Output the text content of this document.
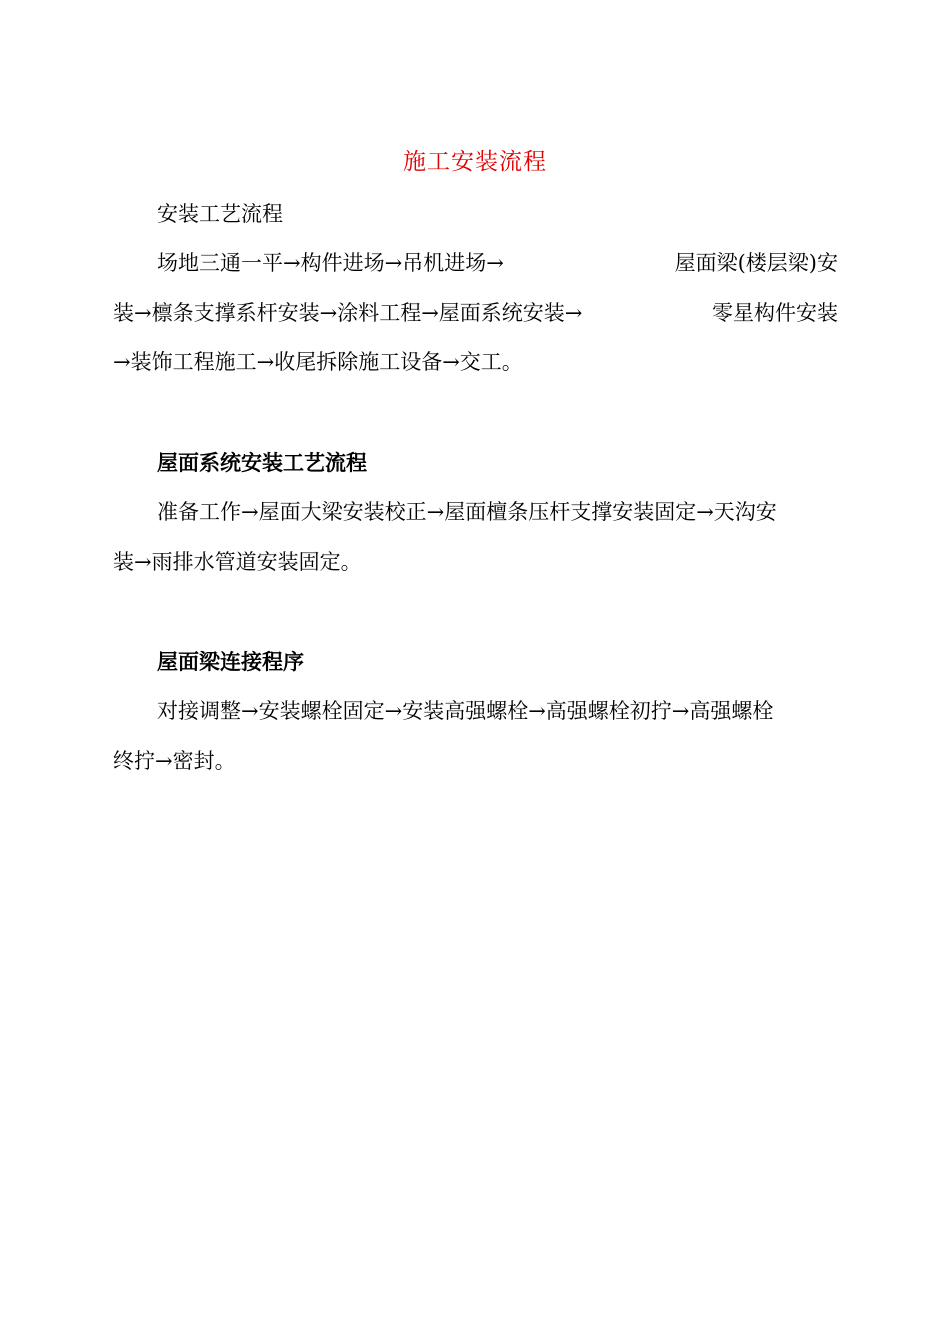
施工安装流程
安装工艺流程
场地三通一平→构件进场→吊机进场→	屋面梁(楼层梁)安
装→檩条支撑系杆安装→涂料工程→屋面系统安装→	零星构件安装
→装饰工程施工→收尾拆除施工设备→交工。
屋面系统安装工艺流程
准备工作→屋面大梁安装校正→屋面檀条压杆支撑安装固定→天沟安
装→雨排水管道安装固定。
屋面梁连接程序
对接调整→安装螺栓固定→安装高强螺栓→高强螺栓初拧→高强螺栓
终拧→密封。
